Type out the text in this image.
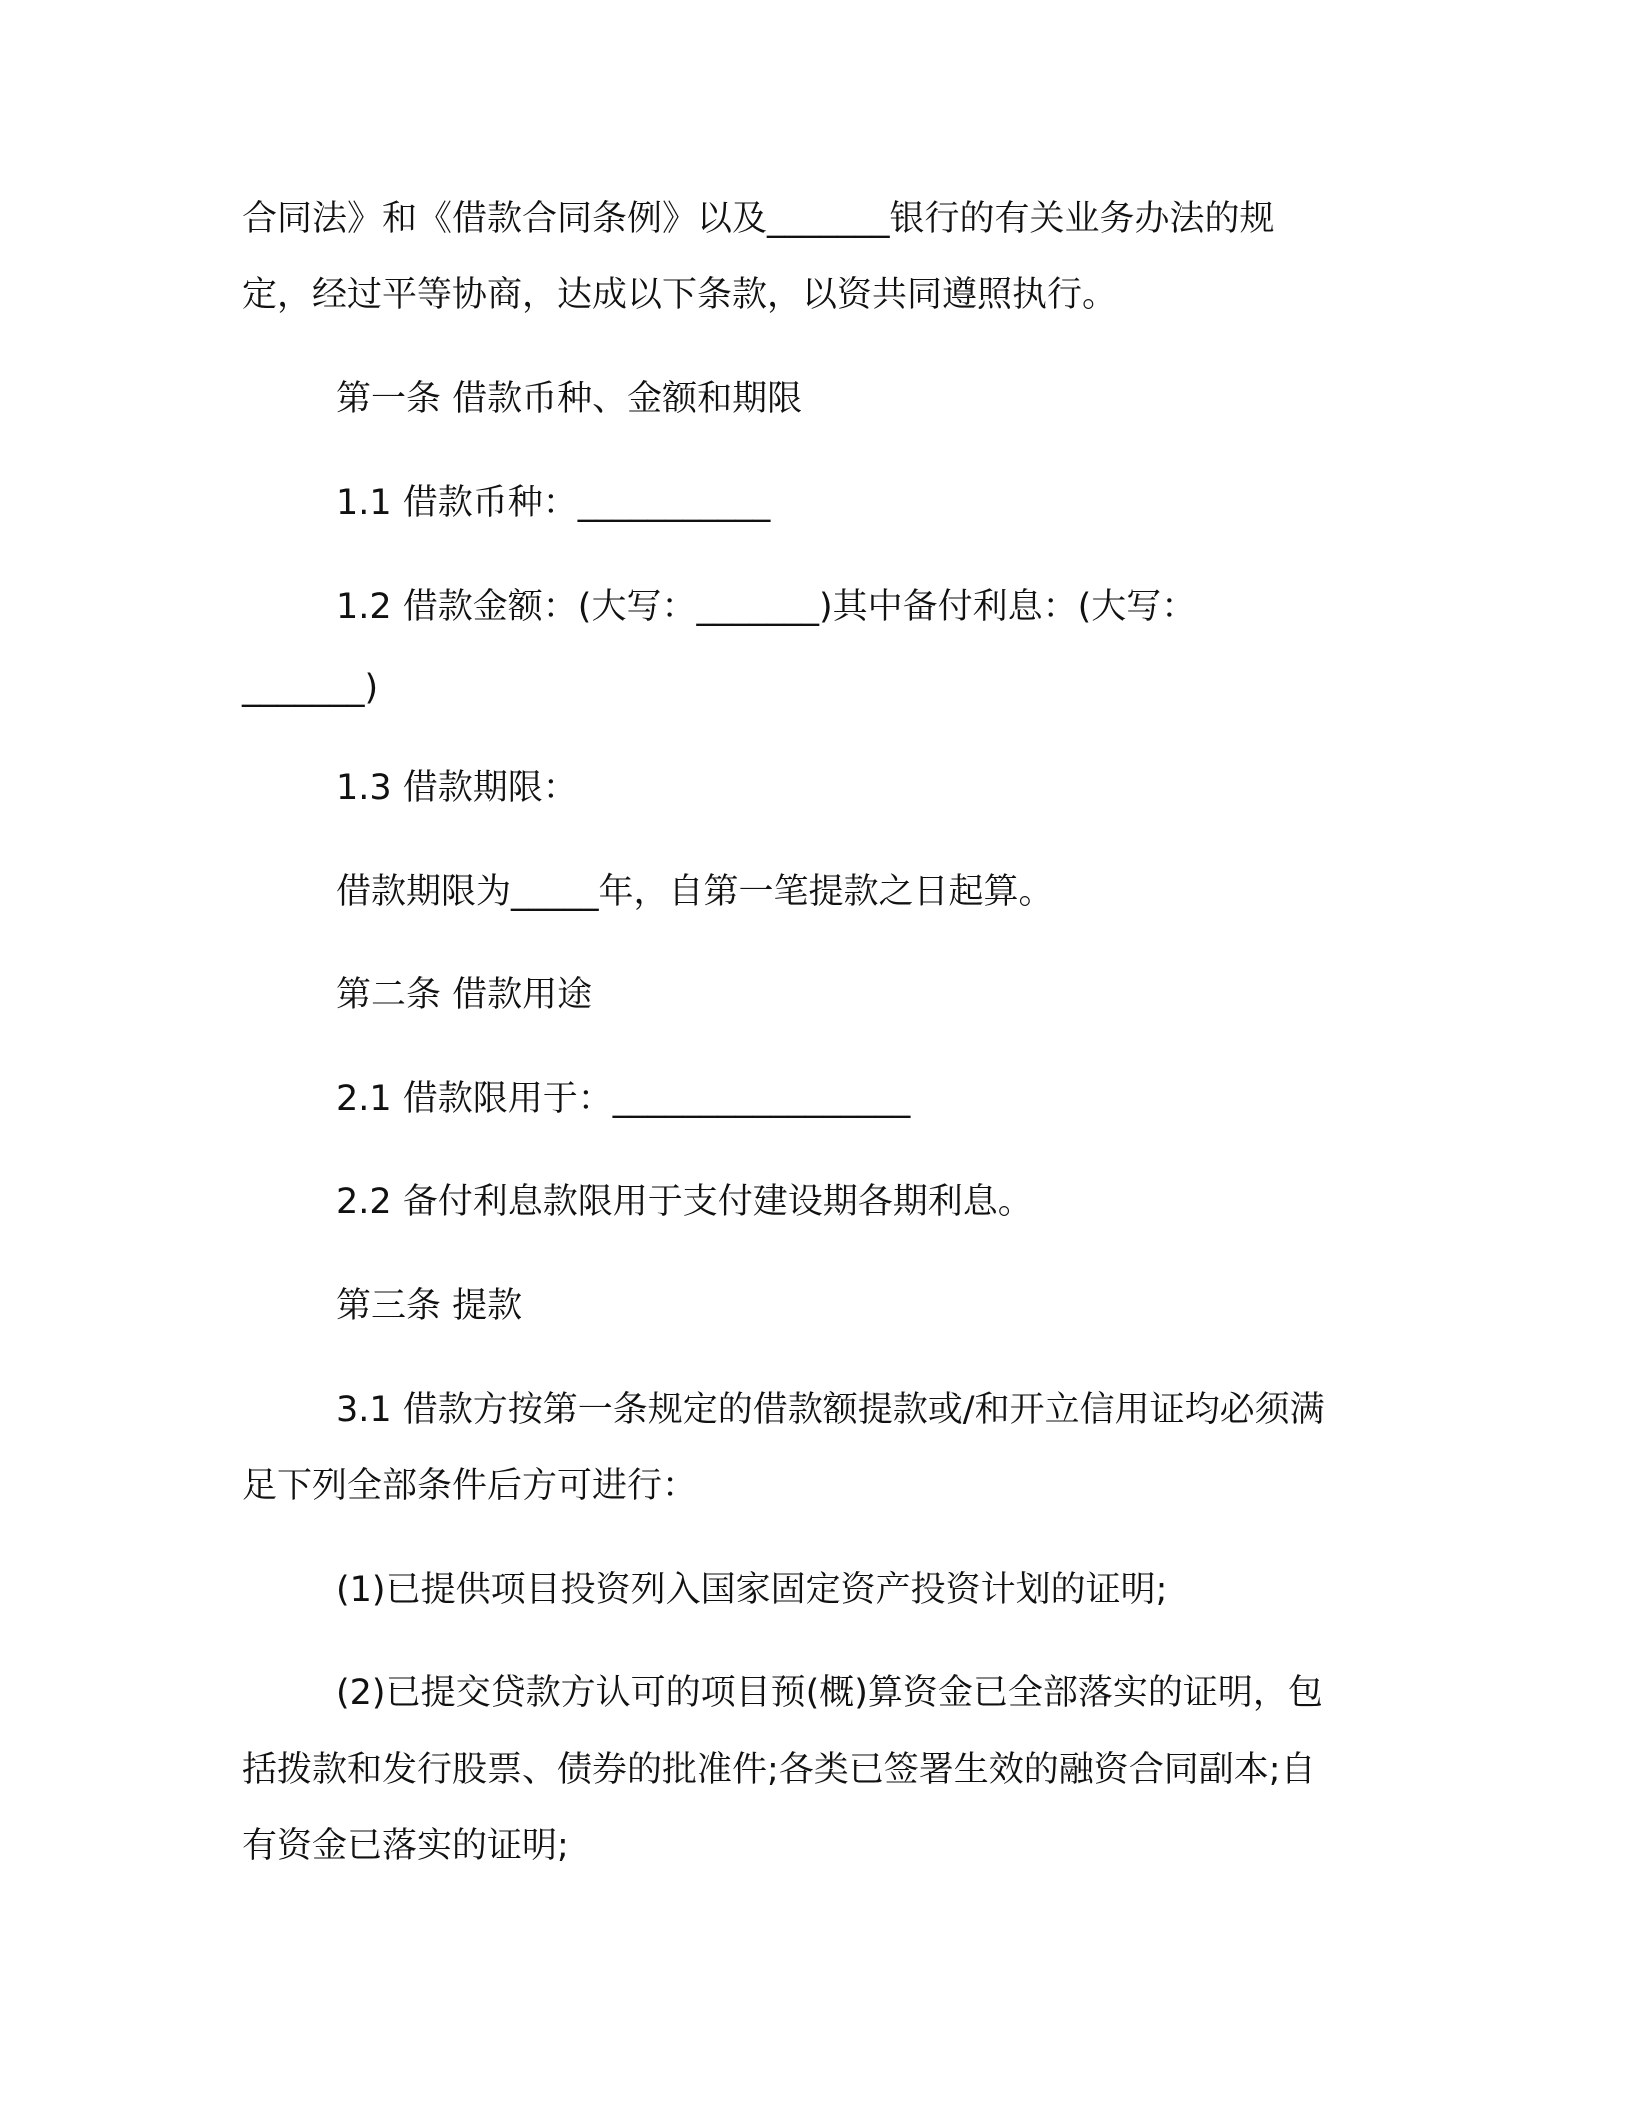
合同法》和《借款合同条例》以及_______银行的有关业务办法的规
定，经过平等协商，达成以下条款，以资共同遵照执行。
第一条 借款币种、金额和期限
1.1 借款币种：___________
1.2 借款金额：(大写：_______)其中备付利息：(大写：
_______)
1.3 借款期限：
借款期限为_____年，自第一笔提款之日起算。
第二条 借款用途
2.1 借款限用于：_________________
2.2 备付利息款限用于支付建设期各期利息。
第三条 提款
3.1 借款方按第一条规定的借款额提款或/和开立信用证均必须满
足下列全部条件后方可进行：
(1)已提供项目投资列入国家固定资产投资计划的证明;
(2)已提交贷款方认可的项目预(概)算资金已全部落实的证明，包
括拨款和发行股票、债券的批准件;各类已签署生效的融资合同副本;自
有资金已落实的证明;
